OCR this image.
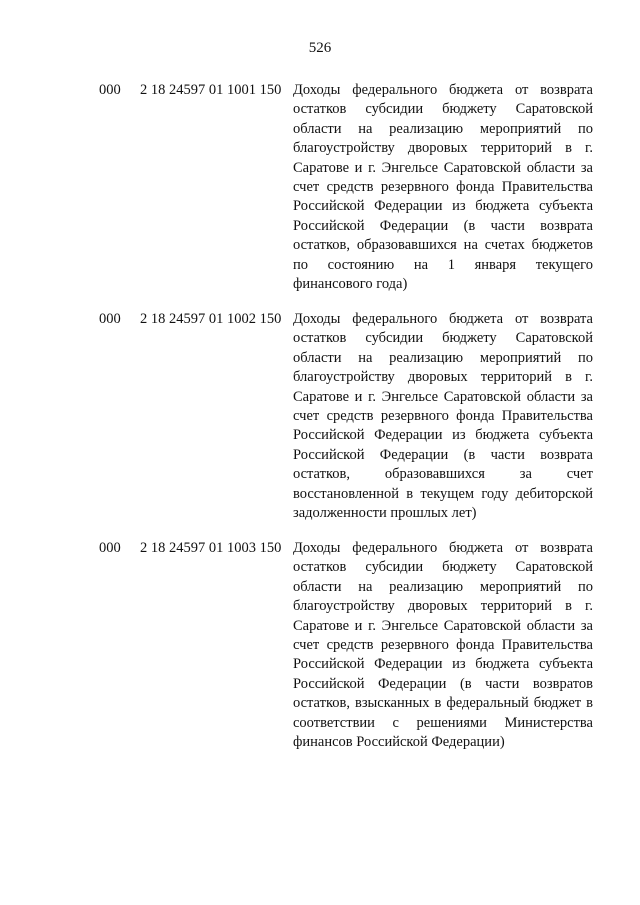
526
000 2 18 24597 01 1001 150 Доходы федерального бюджета от возврата остатков субсидии бюджету Саратовской области на реализацию мероприятий по благоустройству дворовых территорий в г. Саратове и г. Энгельсе Саратовской области за счет средств резервного фонда Правительства Российской Федерации из бюджета субъекта Российской Федерации (в части возврата остатков, образовавшихся на счетах бюджетов по состоянию на 1 января текущего финансового года)
000 2 18 24597 01 1002 150 Доходы федерального бюджета от возврата остатков субсидии бюджету Саратовской области на реализацию мероприятий по благоустройству дворовых территорий в г. Саратове и г. Энгельсе Саратовской области за счет средств резервного фонда Правительства Российской Федерации из бюджета субъекта Российской Федерации (в части возврата остатков, образовавшихся за счет восстановленной в текущем году дебиторской задолженности прошлых лет)
000 2 18 24597 01 1003 150 Доходы федерального бюджета от возврата остатков субсидии бюджету Саратовской области на реализацию мероприятий по благоустройству дворовых территорий в г. Саратове и г. Энгельсе Саратовской области за счет средств резервного фонда Правительства Российской Федерации из бюджета субъекта Российской Федерации (в части возвратов остатков, взысканных в федеральный бюджет в соответствии с решениями Министерства финансов Российской Федерации)
